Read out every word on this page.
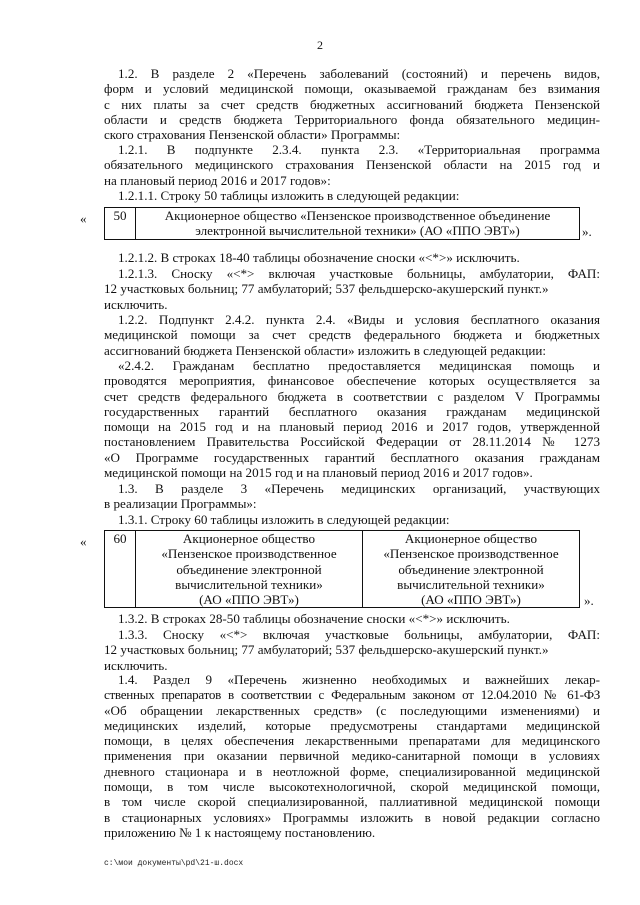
2
1.2. В разделе 2 «Перечень заболеваний (состояний) и перечень видов,
форм и условий медицинской помощи, оказываемой гражданам без взимания
с них платы за счет средств бюджетных ассигнований бюджета Пензенской
области и средств бюджета Территориального фонда обязательного медицин-
ского страхования Пензенской области» Программы:
1.2.1. В подпункте 2.3.4. пункта 2.3. «Территориальная программа
обязательного медицинского страхования Пензенской области на 2015 год и
на плановый период 2016 и 2017 годов»:
1.2.1.1. Строку 50 таблицы изложить в следующей редакции:
« 50	Акционерное общество «Пензенское производственное объединение
электронной вычислительной техники» (АО «ППО ЭВТ»)	».
1.2.1.2. В строках 18-40 таблицы обозначение сноски «<*>» исключить.
1.2.1.3. Сноску «<*> включая участковые больницы, амбулатории, ФАП:
12 участковых больниц; 77 амбулаторий; 537 фельдшерско-акушерский пункт.»
исключить.
1.2.2. Подпункт 2.4.2. пункта 2.4. «Виды и условия бесплатного оказания
медицинской помощи за счет средств федерального бюджета и бюджетных
ассигнований бюджета Пензенской области» изложить в следующей редакции:
«2.4.2. Гражданам бесплатно предоставляется медицинская помощь и
проводятся мероприятия, финансовое обеспечение которых осуществляется за
счет средств федерального бюджета в соответствии с разделом V Программы
государственных гарантий бесплатного оказания гражданам медицинской
помощи на 2015 год и на плановый период 2016 и 2017 годов, утвержденной
постановлением Правительства Российской Федерации от 28.11.2014 № 1273
«О Программе государственных гарантий бесплатного оказания гражданам
медицинской помощи на 2015 год и на плановый период 2016 и 2017 годов».
1.3. В разделе 3 «Перечень медицинских организаций, участвующих
в реализации Программы»:
1.3.1. Строку 60 таблицы изложить в следующей редакции:
« 60	Акционерное общество
«Пензенское производственное
объединение электронной
вычислительной техники»
(АО «ППО ЭВТ»)

Акционерное общество
«Пензенское производственное
объединение электронной
вычислительной техники»
(АО «ППО ЭВТ»)	».
1.3.2. В строках 28-50 таблицы обозначение сноски «<*>» исключить.
1.3.3. Сноску «<*> включая участковые больницы, амбулатории, ФАП:
12 участковых больниц; 77 амбулаторий; 537 фельдшерско-акушерский пункт.»
исключить.
1.4. Раздел 9 «Перечень жизненно необходимых и важнейших лекар-
ственных препаратов в соответствии с Федеральным законом от 12.04.2010 № 61-ФЗ
«Об обращении лекарственных средств» (с последующими изменениями) и
медицинских изделий, которые предусмотрены стандартами медицинской
помощи, в целях обеспечения лекарственными препаратами для медицинского
применения при оказании первичной медико-санитарной помощи в условиях
дневного стационара и в неотложной форме, специализированной медицинской
помощи, в том числе высокотехнологичной, скорой медицинской помощи,
в том числе скорой специализированной, паллиативной медицинской помощи
в стационарных условиях» Программы изложить в новой редакции согласно
приложению № 1 к настоящему постановлению.
c:\мои документы\pd\21-ш.docx
